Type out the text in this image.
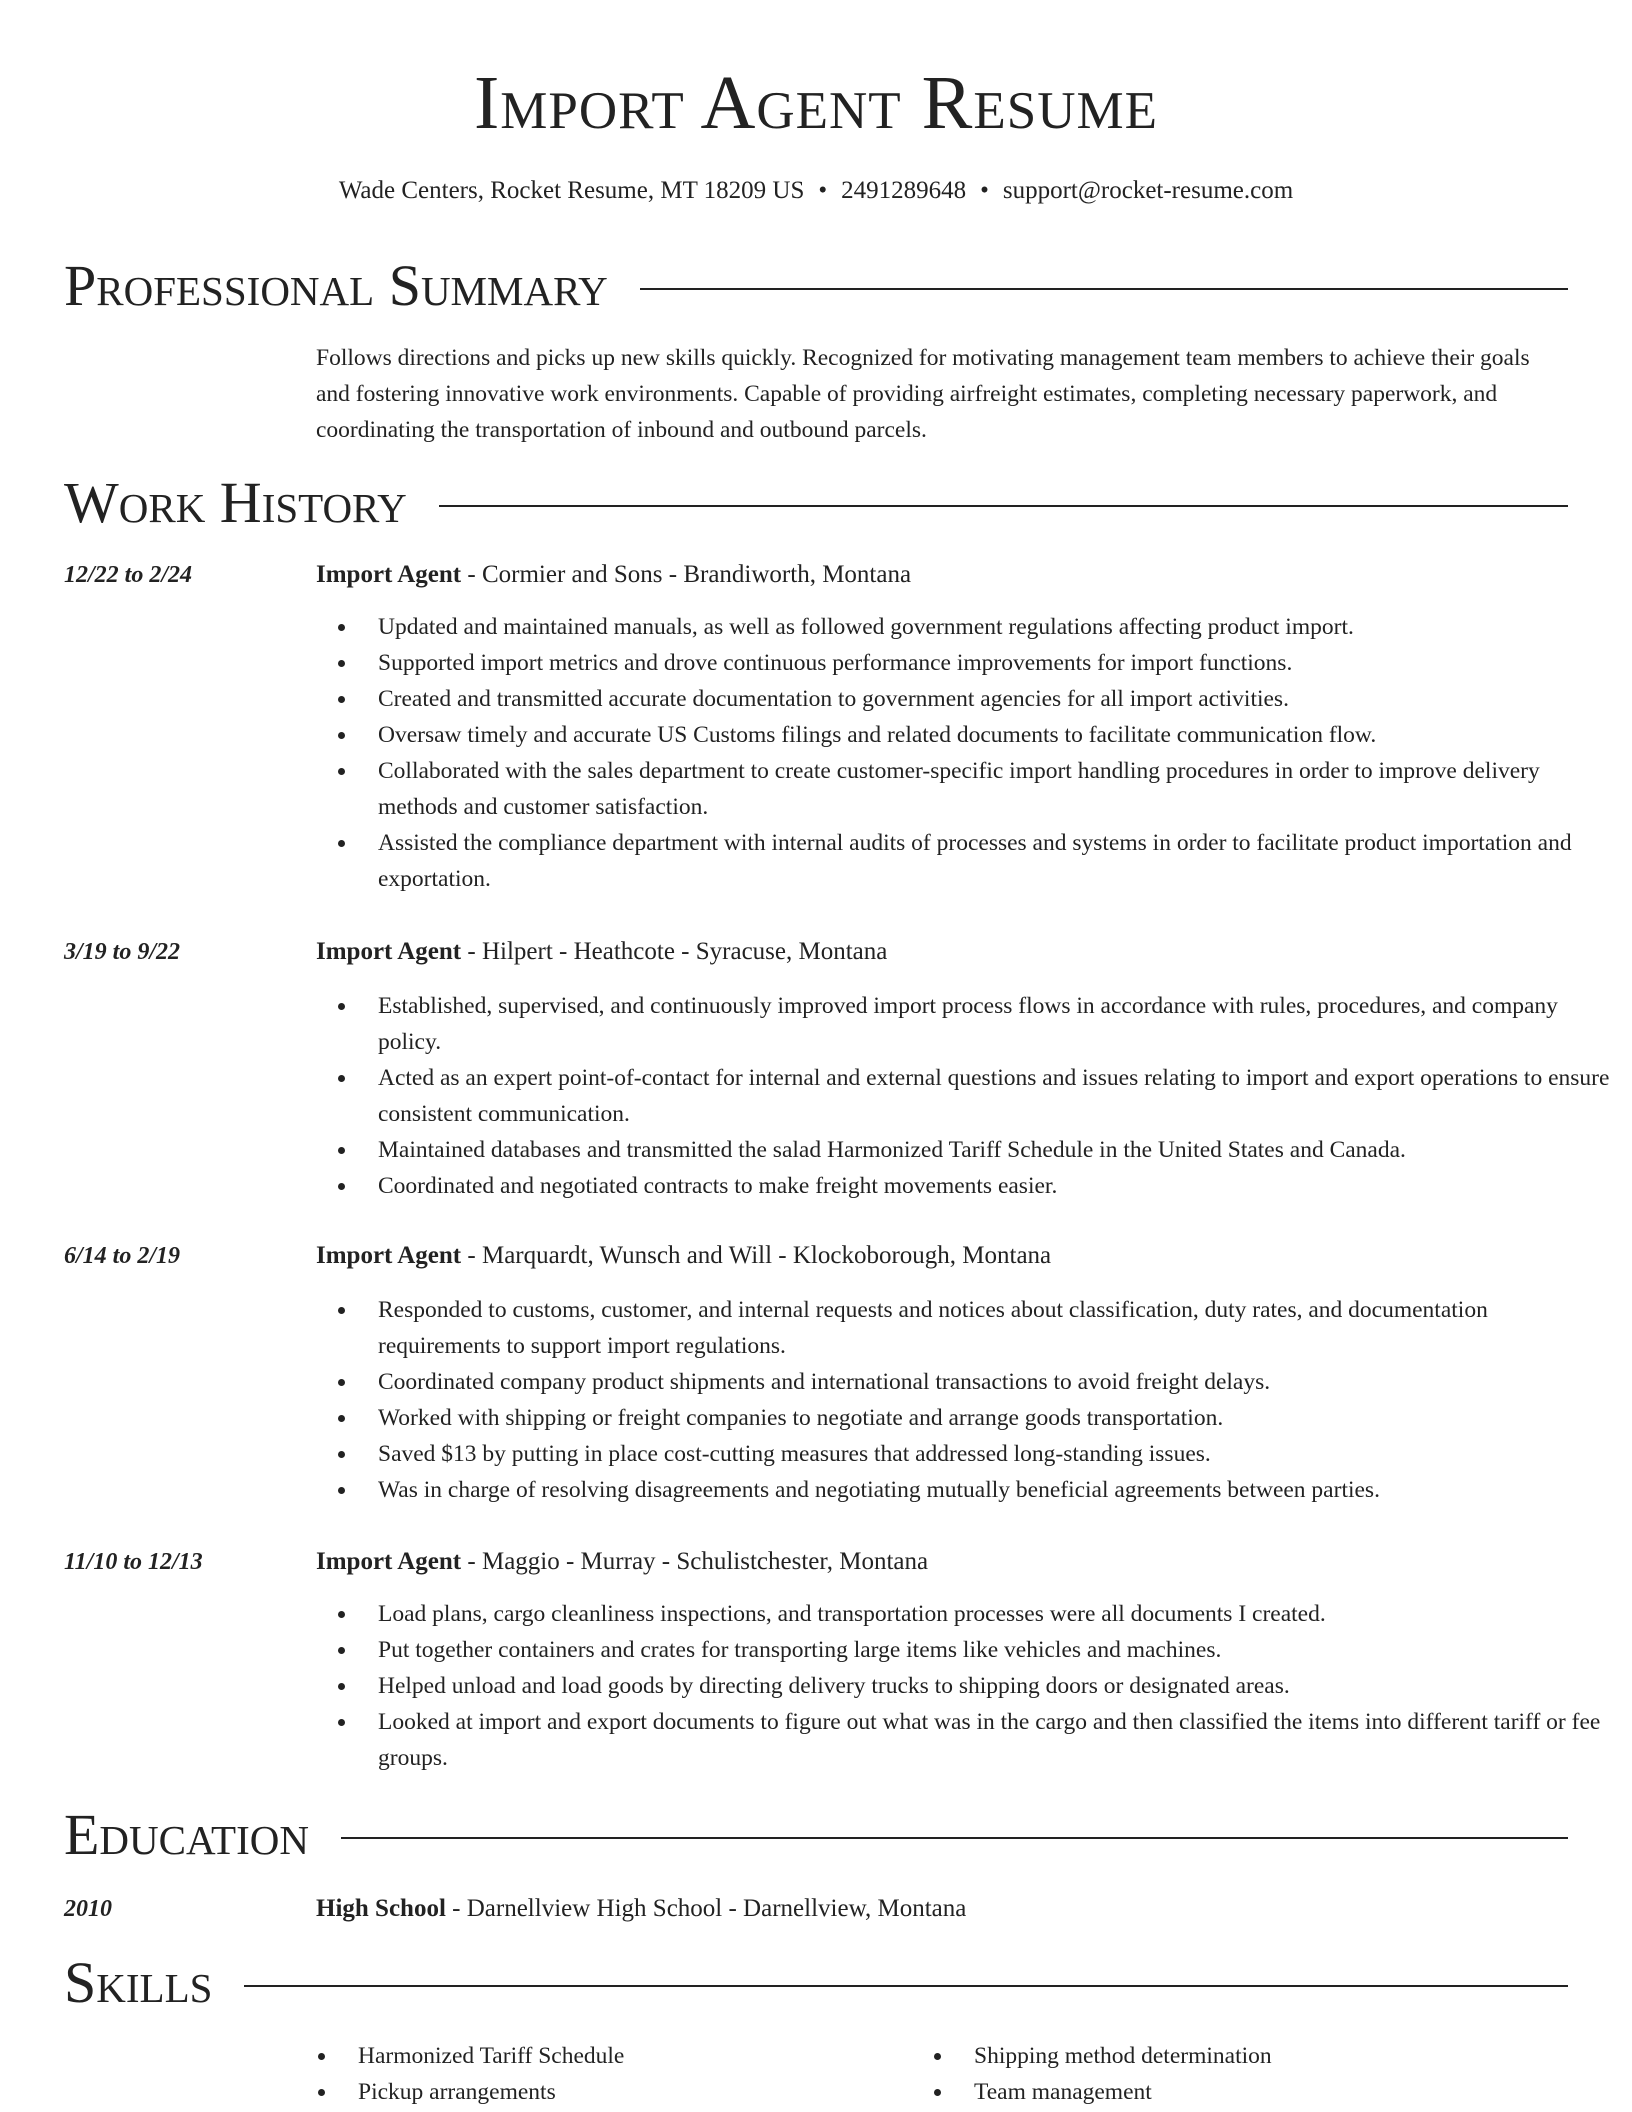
Import Agent Resume
Wade Centers, Rocket Resume, MT 18209 US • 2491289648 • support@rocket-resume.com
Professional Summary

Follows directions and picks up new skills quickly. Recognized for motivating management team members to achieve their goals and fostering innovative work environments. Capable of providing airfreight estimates, completing necessary paperwork, and coordinating the transportation of inbound and outbound parcels.

Work History
12/22 to 2/24	Import Agent - Cormier and Sons - Brandiworth, Montana
Updated and maintained manuals, as well as followed government regulations affecting product import.
Supported import metrics and drove continuous performance improvements for import functions.
Created and transmitted accurate documentation to government agencies for all import activities.
Oversaw timely and accurate US Customs filings and related documents to facilitate communication flow.
Collaborated with the sales department to create customer-specific import handling procedures in order to improve delivery methods and customer satisfaction.
Assisted the compliance department with internal audits of processes and systems in order to facilitate product importation and exportation.
3/19 to 9/22	Import Agent - Hilpert - Heathcote - Syracuse, Montana
Established, supervised, and continuously improved import process flows in accordance with rules, procedures, and company policy.
Acted as an expert point-of-contact for internal and external questions and issues relating to import and export operations to ensure consistent communication.
Maintained databases and transmitted the salad Harmonized Tariff Schedule in the United States and Canada.
Coordinated and negotiated contracts to make freight movements easier.
6/14 to 2/19	Import Agent - Marquardt, Wunsch and Will - Klockoborough, Montana
Responded to customs, customer, and internal requests and notices about classification, duty rates, and documentation requirements to support import regulations.
Coordinated company product shipments and international transactions to avoid freight delays.
Worked with shipping or freight companies to negotiate and arrange goods transportation.
Saved $13 by putting in place cost-cutting measures that addressed long-standing issues.
Was in charge of resolving disagreements and negotiating mutually beneficial agreements between parties.
11/10 to 12/13	Import Agent - Maggio - Murray - Schulistchester, Montana
Load plans, cargo cleanliness inspections, and transportation processes were all documents I created.
Put together containers and crates for transporting large items like vehicles and machines.
Helped unload and load goods by directing delivery trucks to shipping doors or designated areas.
Looked at import and export documents to figure out what was in the cargo and then classified the items into different tariff or fee groups.
Education
2010	High School - Darnellview High School - Darnellview, Montana
Skills
Harmonized Tariff Schedule
Pickup arrangements
Shipping method determination
Team management
